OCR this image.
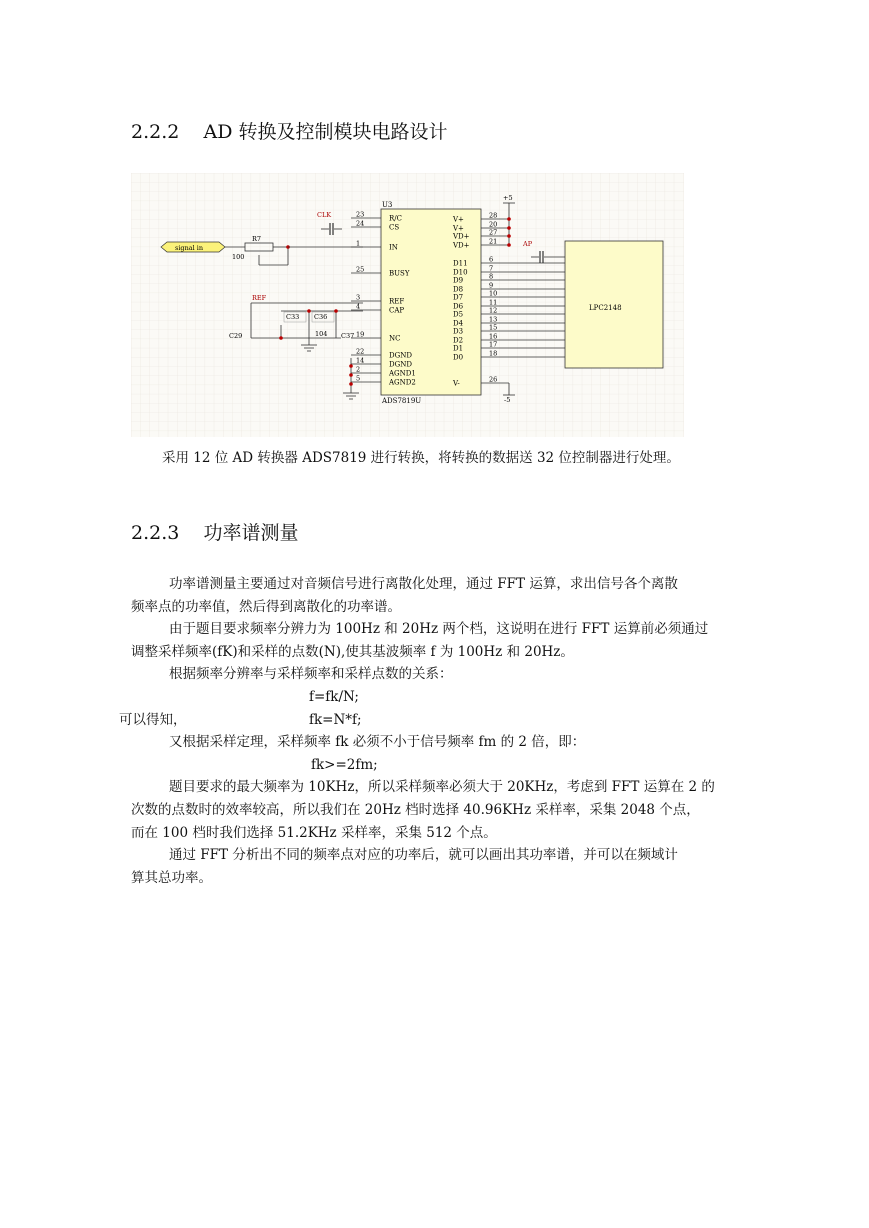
2.2.2    AD 转换及控制模块电路设计
U3
ADS7819U
23	R/C
24	CS
1	IN
25	BUSY
3	REF
4	CAP
19	NC
22	DGND
14	DGND
2	AGND1
5	AGND2
V+	28
V+	20
VD+	27
VD+	21
D11	6
D10	7
D9	8
D8	9
D7	10
D6	11
D5	12
D4	13
D3	15
D2	16
D1	17
D0	18
V-	26
+5
-5
LPC2148
AP
CLK
signal in
R7
100
REF
C33 C36
C29	104 C37
采用 12 位 AD 转换器 ADS7819 进行转换，将转换的数据送 32 位控制器进行处理。
2.2.3    功率谱测量
功率谱测量主要通过对音频信号进行离散化处理，通过 FFT 运算，求出信号各个离散
频率点的功率值，然后得到离散化的功率谱。
由于题目要求频率分辨力为 100Hz 和 20Hz 两个档，这说明在进行 FFT 运算前必须通过
调整采样频率(fK)和采样的点数(N),使其基波频率 f 为 100Hz 和 20Hz。
根据频率分辨率与采样频率和采样点数的关系：
f=fk/N;
可以得知，	fk=N*f;
又根据采样定理，采样频率 fk 必须不小于信号频率 fm 的 2 倍，即：
fk>=2fm;
题目要求的最大频率为 10KHz，所以采样频率必须大于 20KHz，考虑到 FFT 运算在 2 的
次数的点数时的效率较高，所以我们在 20Hz 档时选择 40.96KHz 采样率，采集 2048 个点，
而在 100 档时我们选择 51.2KHz 采样率，采集 512 个点。
通过 FFT 分析出不同的频率点对应的功率后，就可以画出其功率谱，并可以在频域计
算其总功率。
